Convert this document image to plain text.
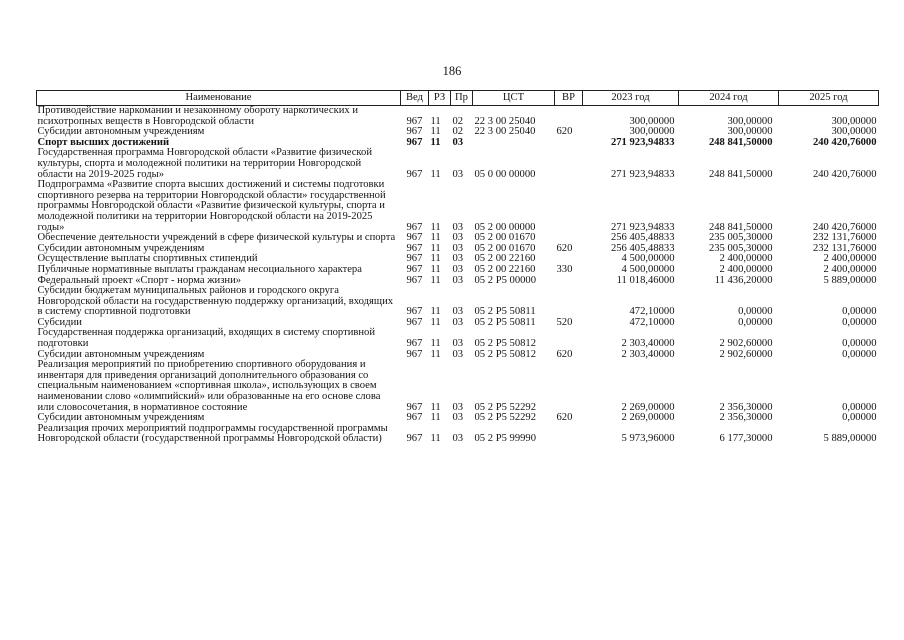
186
Наименование	Вед	РЗ	Пр	ЦСТ	ВР	2023 год	2024 год	2025 год
Противодействие наркомании и незаконному обороту наркотических и психотропных веществ в Новгородской области	967	11	02	22 3 00 25040		300,00000	300,00000	300,00000
Субсидии автономным учреждениям	967	11	02	22 3 00 25040	620	300,00000	300,00000	300,00000
Спорт высших достижений	967	11	03			271 923,94833	248 841,50000	240 420,76000
Государственная программа Новгородской области «Развитие физической культуры, спорта и молодежной политики на территории Новгородской области на 2019-2025 годы»	967	11	03	05 0 00 00000		271 923,94833	248 841,50000	240 420,76000
Подпрограмма «Развитие спорта высших достижений и системы подготовки спортивного резерва на территории Новгородской области» государственной программы Новгородской области «Развитие физической культуры, спорта и молодежной политики на территории Новгородской области на 2019-2025 годы»	967	11	03	05 2 00 00000		271 923,94833	248 841,50000	240 420,76000
Обеспечение деятельности учреждений в сфере физической культуры и спорта	967	11	03	05 2 00 01670		256 405,48833	235 005,30000	232 131,76000
Субсидии автономным учреждениям	967	11	03	05 2 00 01670	620	256 405,48833	235 005,30000	232 131,76000
Осуществление выплаты спортивных стипендий	967	11	03	05 2 00 22160		4 500,00000	2 400,00000	2 400,00000
Публичные нормативные выплаты гражданам несоциального характера	967	11	03	05 2 00 22160	330	4 500,00000	2 400,00000	2 400,00000
Федеральный проект «Спорт - норма жизни»	967	11	03	05 2 P5 00000		11 018,46000	11 436,20000	5 889,00000
Субсидии бюджетам муниципальных районов и городского округа Новгородской области на государственную поддержку организаций, входящих в систему спортивной подготовки	967	11	03	05 2 P5 50811		472,10000	0,00000	0,00000
Субсидии	967	11	03	05 2 P5 50811	520	472,10000	0,00000	0,00000
Государственная поддержка организаций, входящих в систему спортивной подготовки	967	11	03	05 2 P5 50812		2 303,40000	2 902,60000	0,00000
Субсидии автономным учреждениям	967	11	03	05 2 P5 50812	620	2 303,40000	2 902,60000	0,00000
Реализация мероприятий по приобретению спортивного оборудования и инвентаря для приведения организаций дополнительного образования со специальным наименованием «спортивная школа», использующих в своем наименовании слово «олимпийский» или образованные на его основе слова или словосочетания, в нормативное состояние	967	11	03	05 2 P5 52292		2 269,00000	2 356,30000	0,00000
Субсидии автономным учреждениям	967	11	03	05 2 P5 52292	620	2 269,00000	2 356,30000	0,00000
Реализация прочих мероприятий подпрограммы государственной программы Новгородской области (государственной программы Новгородской области)	967	11	03	05 2 P5 99990		5 973,96000	6 177,30000	5 889,00000
